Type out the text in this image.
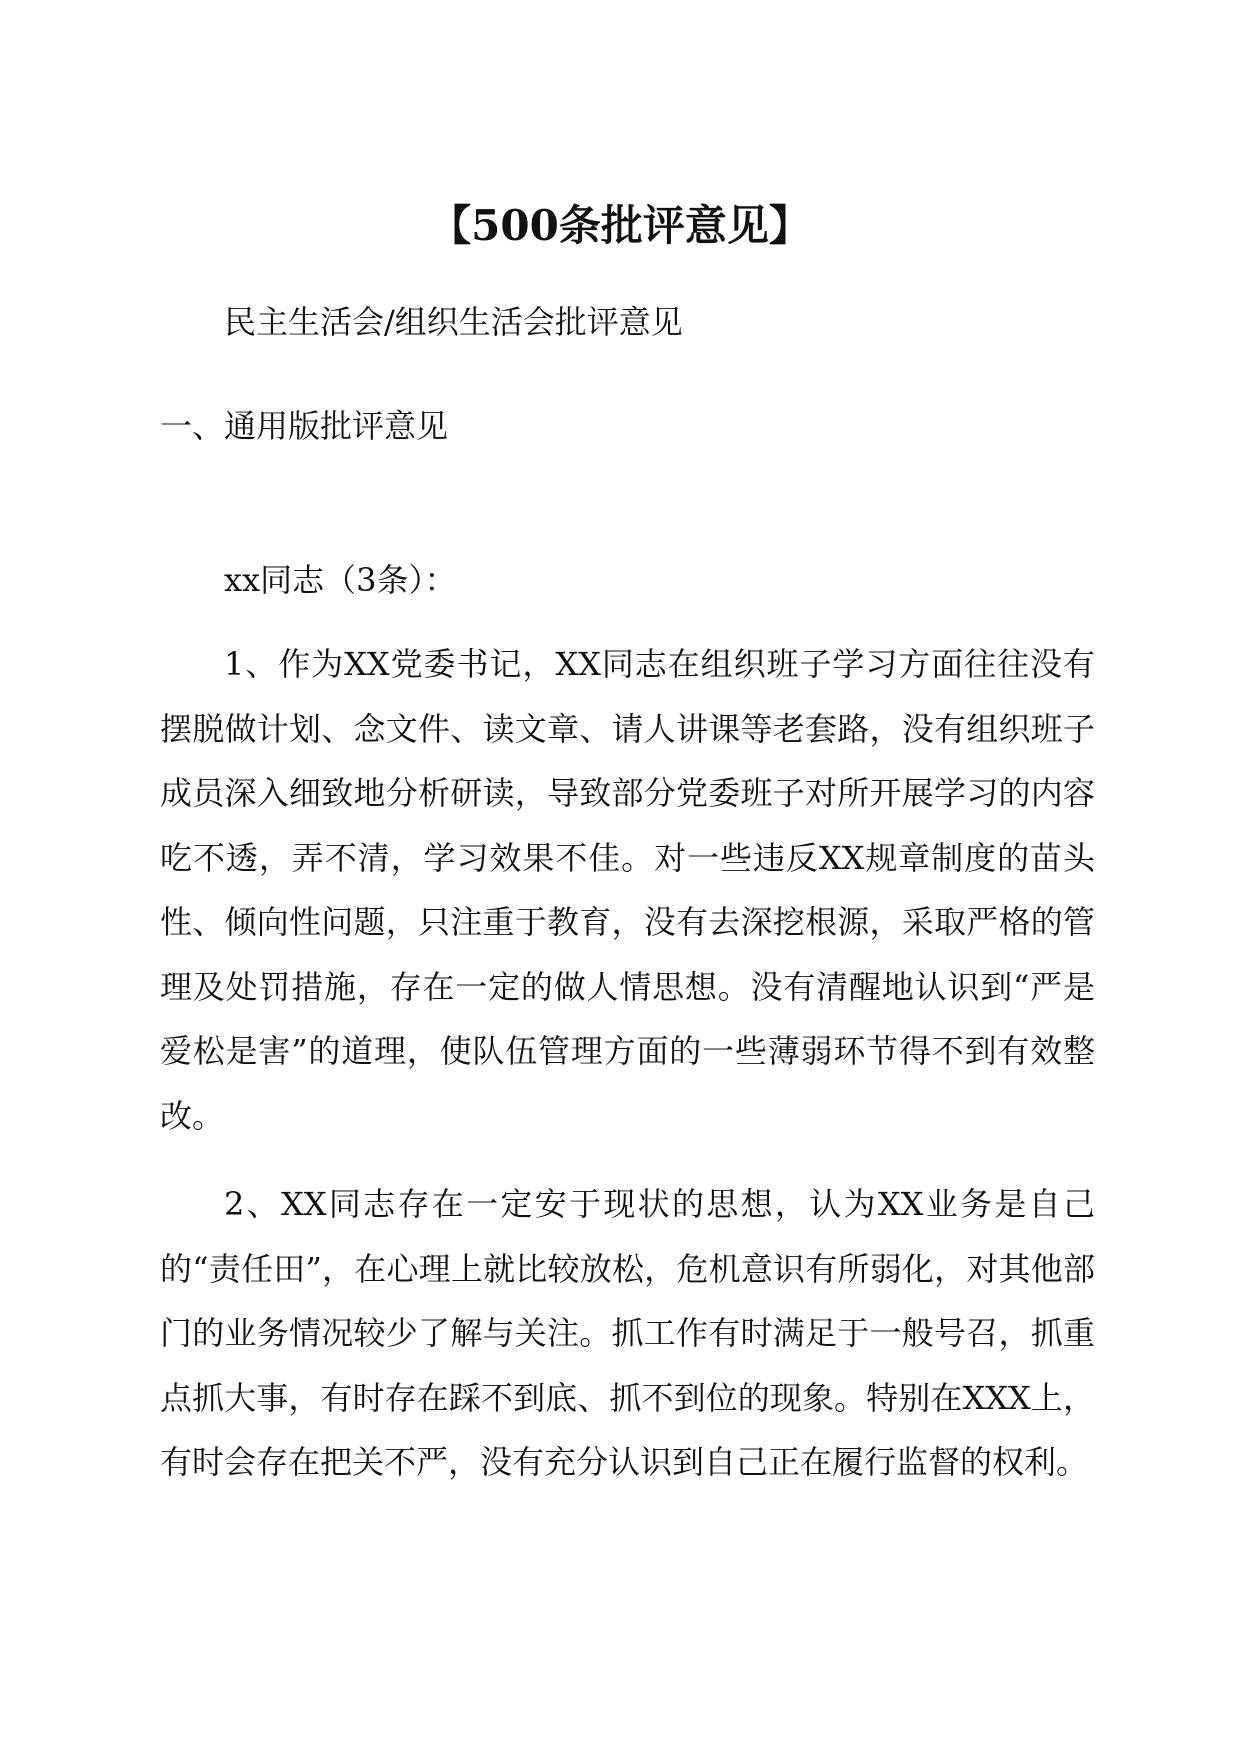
【500条批评意见】

民主生活会/组织生活会批评意见

一、通用版批评意见

xx同志（3条）：

1、作为XX党委书记，XX同志在组织班子学习方面往往没有摆脱做计划、念文件、读文章、请人讲课等老套路，没有组织班子成员深入细致地分析研读，导致部分党委班子对所开展学习的内容吃不透，弄不清，学习效果不佳。对一些违反XX规章制度的苗头性、倾向性问题，只注重于教育，没有去深挖根源，采取严格的管理及处罚措施，存在一定的做人情思想。没有清醒地认识到“严是爱松是害”的道理，使队伍管理方面的一些薄弱环节得不到有效整改。

2、XX同志存在一定安于现状的思想，认为XX业务是自己的“责任田”，在心理上就比较放松，危机意识有所弱化，对其他部门的业务情况较少了解与关注。抓工作有时满足于一般号召，抓重点抓大事，有时存在踩不到底、抓不到位的现象。特别在XXX上，有时会存在把关不严，没有充分认识到自己正在履行监督的权利。
